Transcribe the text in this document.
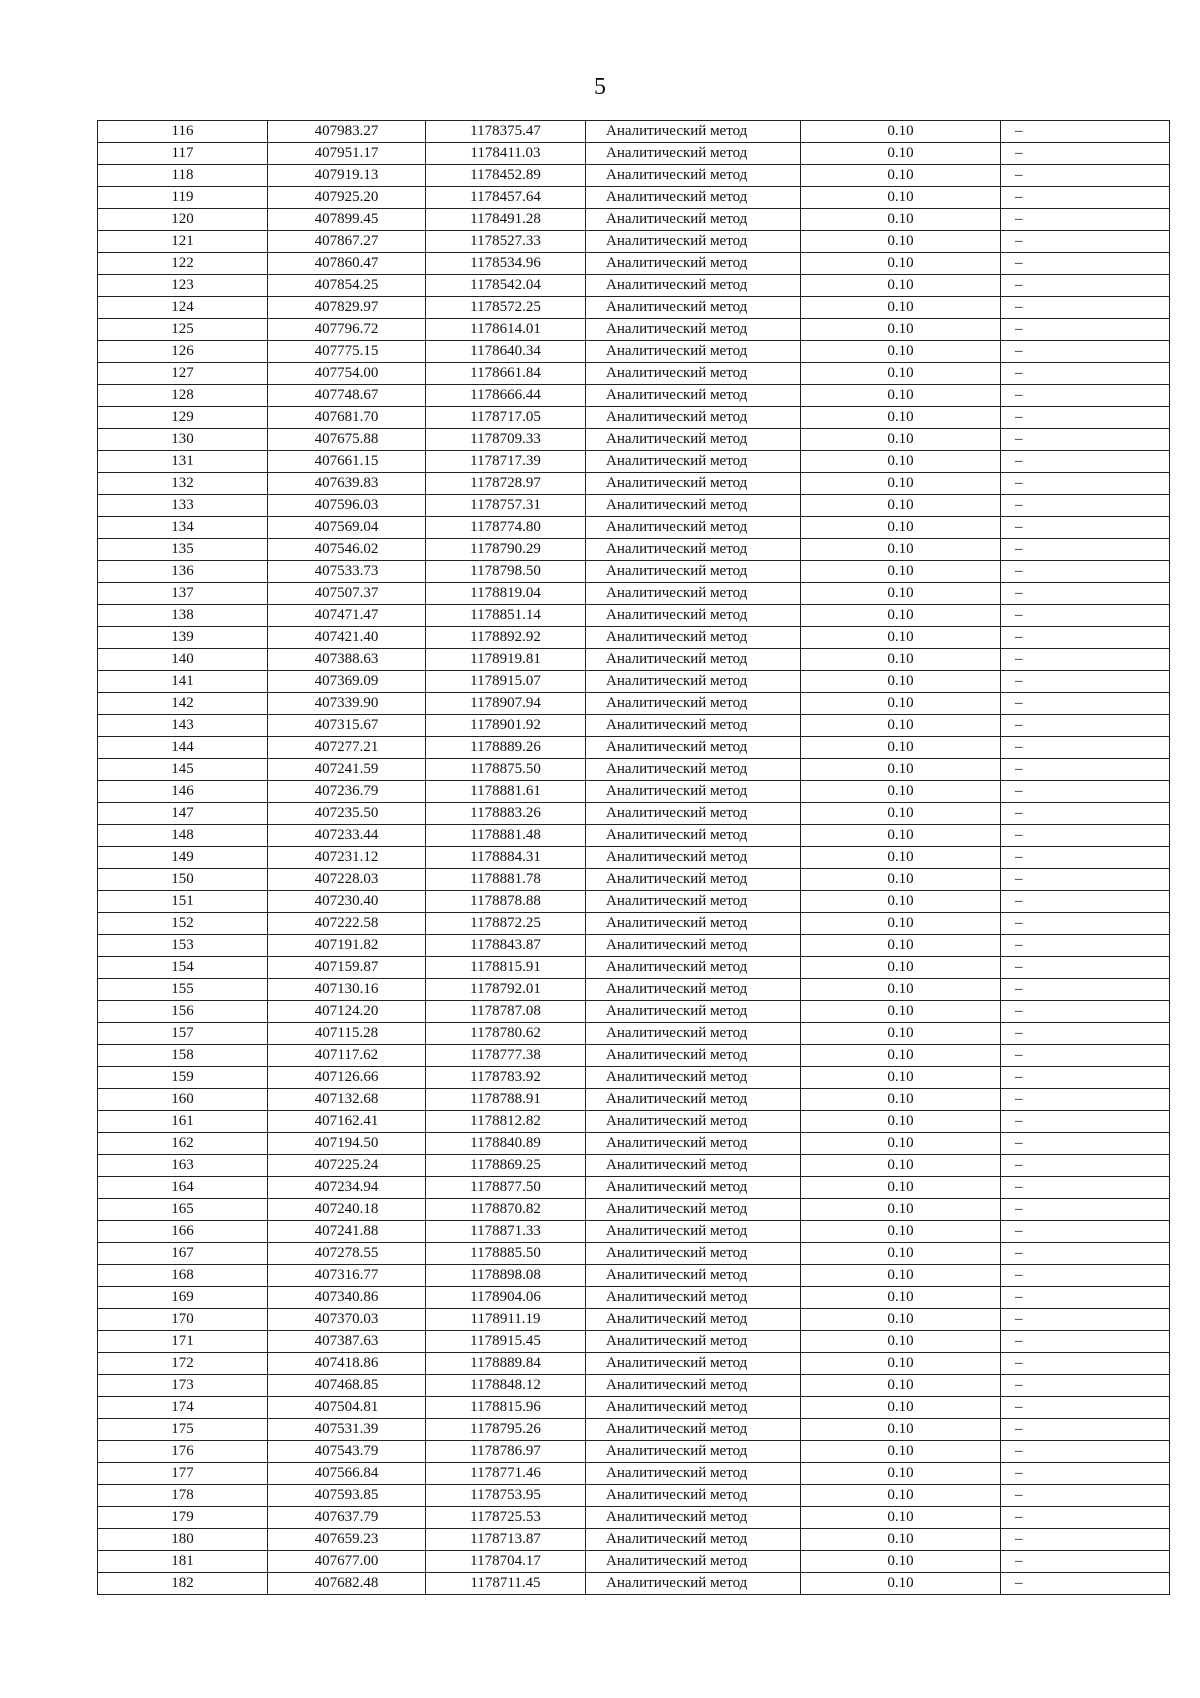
5
116	407983.27	1178375.47	Аналитический метод	0.10	–
117	407951.17	1178411.03	Аналитический метод	0.10	–
118	407919.13	1178452.89	Аналитический метод	0.10	–
119	407925.20	1178457.64	Аналитический метод	0.10	–
120	407899.45	1178491.28	Аналитический метод	0.10	–
121	407867.27	1178527.33	Аналитический метод	0.10	–
122	407860.47	1178534.96	Аналитический метод	0.10	–
123	407854.25	1178542.04	Аналитический метод	0.10	–
124	407829.97	1178572.25	Аналитический метод	0.10	–
125	407796.72	1178614.01	Аналитический метод	0.10	–
126	407775.15	1178640.34	Аналитический метод	0.10	–
127	407754.00	1178661.84	Аналитический метод	0.10	–
128	407748.67	1178666.44	Аналитический метод	0.10	–
129	407681.70	1178717.05	Аналитический метод	0.10	–
130	407675.88	1178709.33	Аналитический метод	0.10	–
131	407661.15	1178717.39	Аналитический метод	0.10	–
132	407639.83	1178728.97	Аналитический метод	0.10	–
133	407596.03	1178757.31	Аналитический метод	0.10	–
134	407569.04	1178774.80	Аналитический метод	0.10	–
135	407546.02	1178790.29	Аналитический метод	0.10	–
136	407533.73	1178798.50	Аналитический метод	0.10	–
137	407507.37	1178819.04	Аналитический метод	0.10	–
138	407471.47	1178851.14	Аналитический метод	0.10	–
139	407421.40	1178892.92	Аналитический метод	0.10	–
140	407388.63	1178919.81	Аналитический метод	0.10	–
141	407369.09	1178915.07	Аналитический метод	0.10	–
142	407339.90	1178907.94	Аналитический метод	0.10	–
143	407315.67	1178901.92	Аналитический метод	0.10	–
144	407277.21	1178889.26	Аналитический метод	0.10	–
145	407241.59	1178875.50	Аналитический метод	0.10	–
146	407236.79	1178881.61	Аналитический метод	0.10	–
147	407235.50	1178883.26	Аналитический метод	0.10	–
148	407233.44	1178881.48	Аналитический метод	0.10	–
149	407231.12	1178884.31	Аналитический метод	0.10	–
150	407228.03	1178881.78	Аналитический метод	0.10	–
151	407230.40	1178878.88	Аналитический метод	0.10	–
152	407222.58	1178872.25	Аналитический метод	0.10	–
153	407191.82	1178843.87	Аналитический метод	0.10	–
154	407159.87	1178815.91	Аналитический метод	0.10	–
155	407130.16	1178792.01	Аналитический метод	0.10	–
156	407124.20	1178787.08	Аналитический метод	0.10	–
157	407115.28	1178780.62	Аналитический метод	0.10	–
158	407117.62	1178777.38	Аналитический метод	0.10	–
159	407126.66	1178783.92	Аналитический метод	0.10	–
160	407132.68	1178788.91	Аналитический метод	0.10	–
161	407162.41	1178812.82	Аналитический метод	0.10	–
162	407194.50	1178840.89	Аналитический метод	0.10	–
163	407225.24	1178869.25	Аналитический метод	0.10	–
164	407234.94	1178877.50	Аналитический метод	0.10	–
165	407240.18	1178870.82	Аналитический метод	0.10	–
166	407241.88	1178871.33	Аналитический метод	0.10	–
167	407278.55	1178885.50	Аналитический метод	0.10	–
168	407316.77	1178898.08	Аналитический метод	0.10	–
169	407340.86	1178904.06	Аналитический метод	0.10	–
170	407370.03	1178911.19	Аналитический метод	0.10	–
171	407387.63	1178915.45	Аналитический метод	0.10	–
172	407418.86	1178889.84	Аналитический метод	0.10	–
173	407468.85	1178848.12	Аналитический метод	0.10	–
174	407504.81	1178815.96	Аналитический метод	0.10	–
175	407531.39	1178795.26	Аналитический метод	0.10	–
176	407543.79	1178786.97	Аналитический метод	0.10	–
177	407566.84	1178771.46	Аналитический метод	0.10	–
178	407593.85	1178753.95	Аналитический метод	0.10	–
179	407637.79	1178725.53	Аналитический метод	0.10	–
180	407659.23	1178713.87	Аналитический метод	0.10	–
181	407677.00	1178704.17	Аналитический метод	0.10	–
182	407682.48	1178711.45	Аналитический метод	0.10	–
